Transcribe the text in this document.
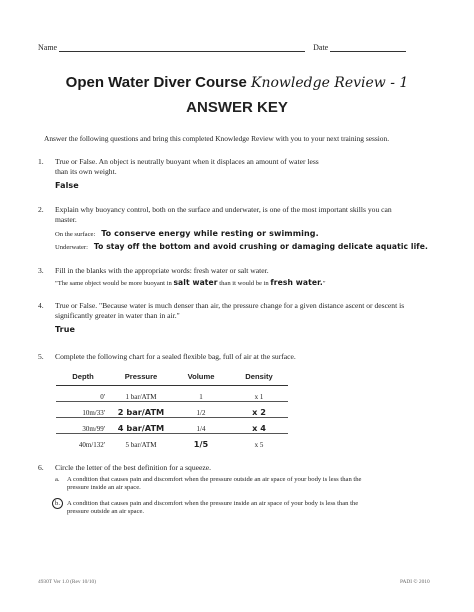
Name	Date
Open Water Diver Course Knowledge Review - 1
ANSWER KEY
Answer the following questions and bring this completed Knowledge Review with you to your next training session.
1. True or False. An object is neutrally buoyant when it displaces an amount of water less
than its own weight.
False
2. Explain why buoyancy control, both on the surface and underwater, is one of the most important skills you can
master.
On the surface: To conserve energy while resting or swimming.
Underwater: To stay off the bottom and avoid crushing or damaging delicate aquatic life.
3. Fill in the blanks with the appropriate words: fresh water or salt water.
"The same object would be more buoyant in salt water than it would be in fresh water."
4. True or False. "Because water is much denser than air, the pressure change for a given distance ascent or descent is
significantly greater in water than in air."
True
5. Complete the following chart for a sealed flexible bag, full of air at the surface.
Depth	Pressure	Volume	Density
0'	1 bar/ATM	1	x 1
10m/33'	2 bar/ATM	1/2	x 2
30m/99'	4 bar/ATM	1/4	x 4
40m/132'	5 bar/ATM	1/5	x 5
6. Circle the letter of the best definition for a squeeze.
a. A condition that causes pain and discomfort when the pressure outside an air space of your body is less than the
pressure inside an air space.
b.	A condition that causes pain and discomfort when the pressure inside an air space of your body is less than the
pressure outside an air space.
4930T Ver 1.0 (Rev 10/10)	PADI © 2010
